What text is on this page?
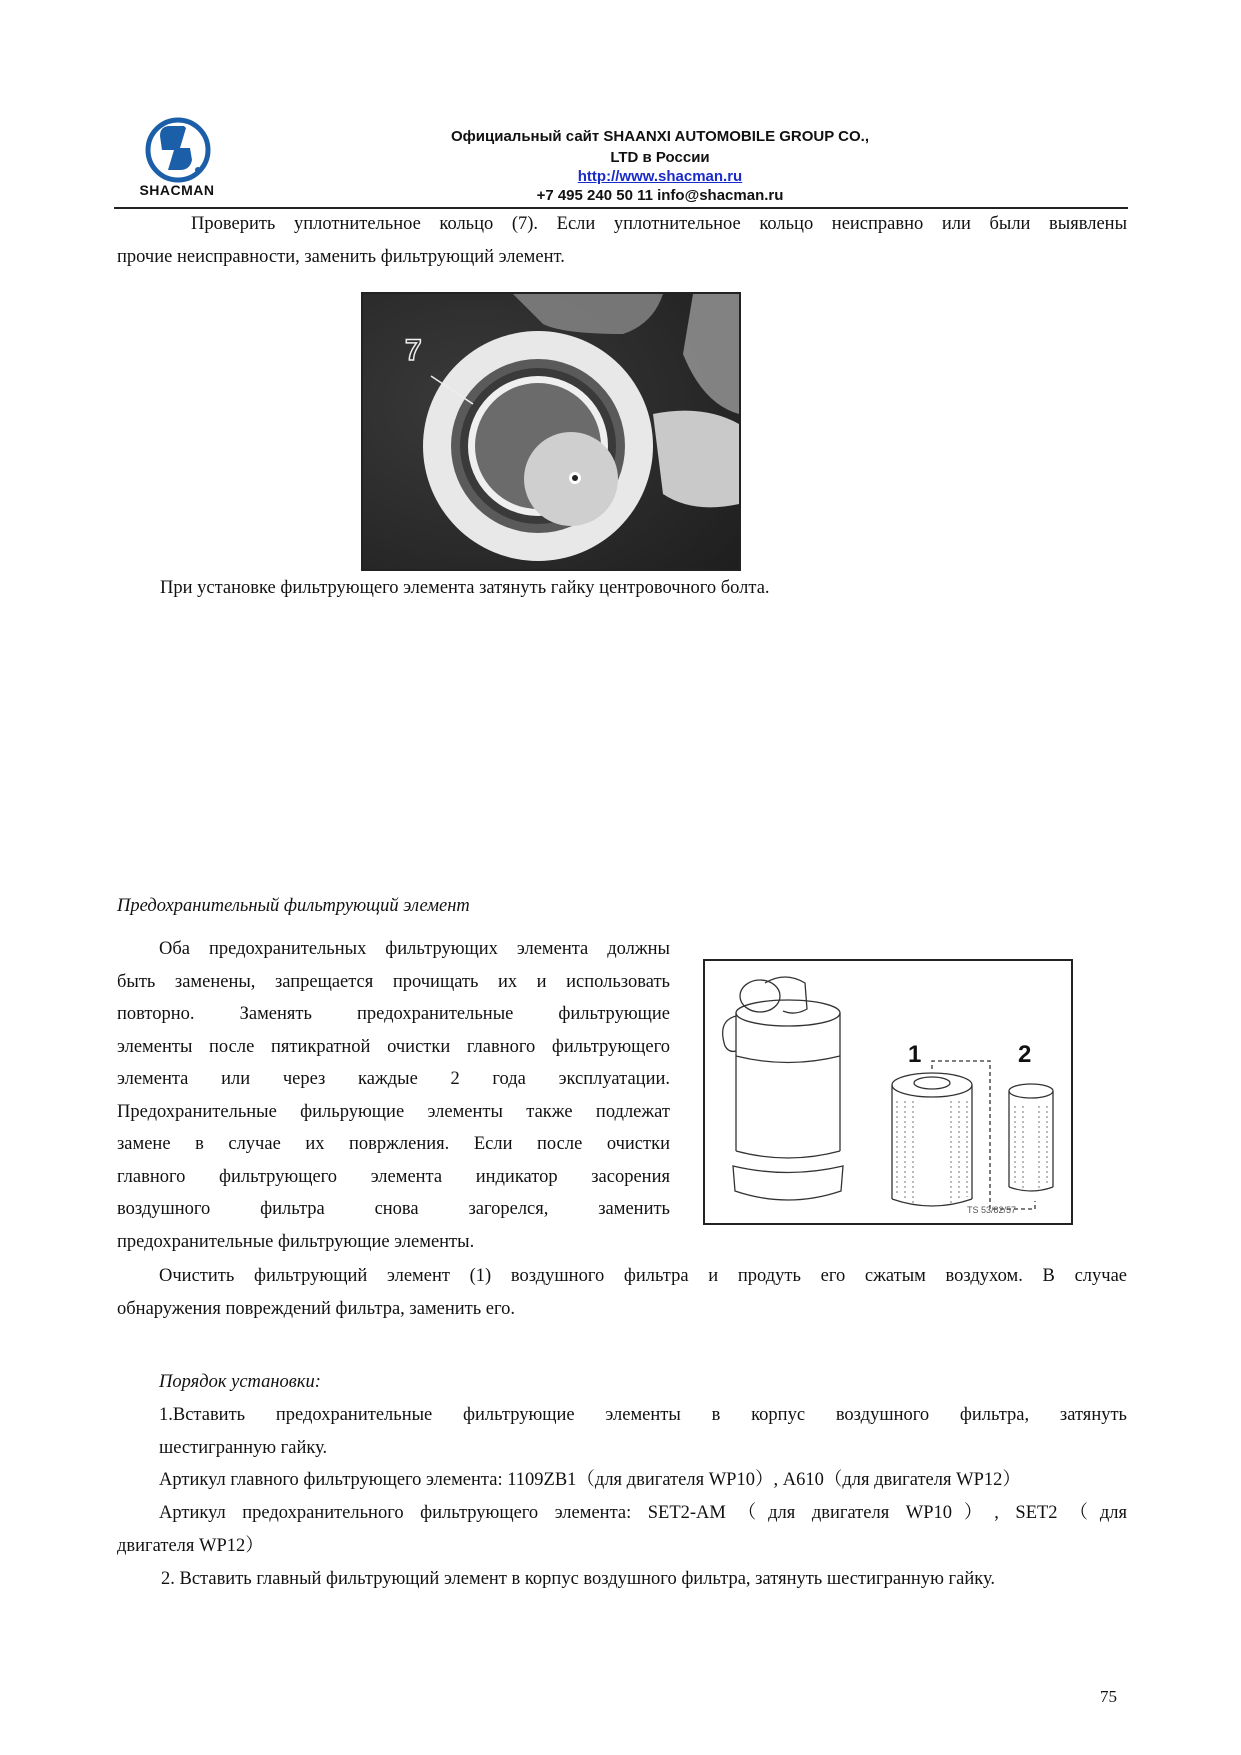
SHACMAN
Официальный сайт SHAANXI AUTOMOBILE GROUP CO.,
LTD в России
http://www.shacman.ru
+7 495 240 50 11 info@shacman.ru
Проверить уплотнительное кольцо (7). Если уплотнительное кольцо неисправно или были выявлены
прочие неисправности, заменить фильтрующий элемент.
7
При установке фильтрующего элемента затянуть гайку центровочного болта.
Предохранительный фильтрующий элемент
Оба предохранительных фильтрующих элемента должны
быть заменены, запрещается прочищать их и использовать
повторно. Заменять предохранительные фильтрующие
элементы после пятикратной очистки главного фильтрующего
элемента или через каждые 2 года эксплуатации.
Предохранительные фильрующие элементы также подлежат
замене в случае их повржления. Если после очистки
главного фильтрующего элемента индикатор засорения
воздушного фильтра снова загорелся, заменить
предохранительные фильтрующие элементы.
1	2
TS 53/82/57
Очистить фильтрующий элемент (1) воздушного фильтра и продуть его сжатым воздухом. В случае
обнаружения повреждений фильтра, заменить его.
Порядок установки:
1.Вставить предохранительные фильтрующие элементы в корпус воздушного фильтра, затянуть
шестигранную гайку.
Артикул главного фильтрующего элемента: 1109ZB1（для двигателя WP10）, A610（для двигателя WP12）
Артикул предохранительного фильтрующего элемента: SET2-AM（для двигателя WP10）, SET2（для
двигателя WP12）
2. Вставить главный фильтрующий элемент в корпус воздушного фильтра, затянуть шестигранную гайку.
75
